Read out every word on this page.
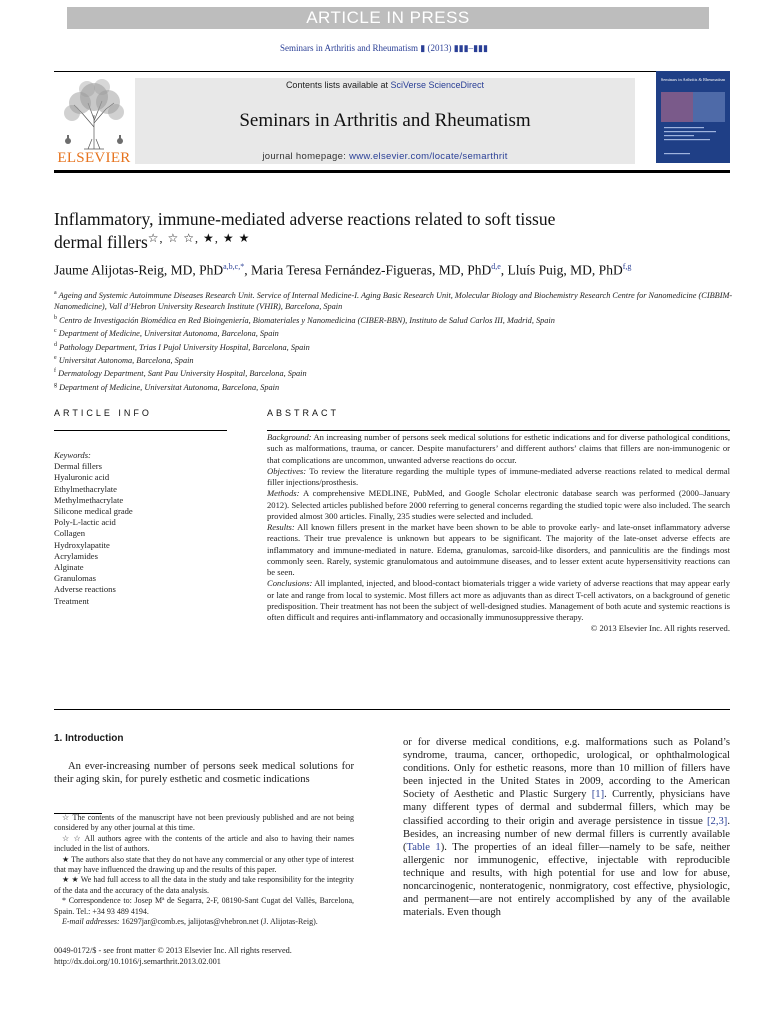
ARTICLE IN PRESS
Seminars in Arthritis and Rheumatism ▮ (2013) ▮▮▮–▮▮▮
ELSEVIER
Contents lists available at SciVerse ScienceDirect
Seminars in Arthritis and Rheumatism
journal homepage: www.elsevier.com/locate/semarthrit
Seminars in Arthritis & Rheumatism
Inflammatory, immune-mediated adverse reactions related to soft tissue
dermal fillers☆, ☆ ☆, ★, ★ ★
Jaume Alijotas-Reig, MD, PhD$^{a,b,c,*}$, Maria Teresa Fernández-Figueras, MD, PhD$^{d,e}$, Lluís Puig, MD, PhD$^{f,g}$
$^a$ Ageing and Systemic Autoimmune Diseases Research Unit. Service of Internal Medicine-I. Aging Basic Research Unit, Molecular Biology and Biochemistry Research Centre for Nanomedicine (CIBBIM-Nanomedicine), Vall d’Hebron University Research Institute (VHIR), Barcelona, Spain
$^b$ Centro de Investigación Biomédica en Red Bioingeniería, Biomateriales y Nanomedicina (CIBER-BBN), Instituto de Salud Carlos III, Madrid, Spain
$^c$ Department of Medicine, Universitat Autonoma, Barcelona, Spain
$^d$ Pathology Department, Trias I Pujol University Hospital, Barcelona, Spain
$^e$ Universitat Autonoma, Barcelona, Spain
$^f$ Dermatology Department, Sant Pau University Hospital, Barcelona, Spain
$^g$ Department of Medicine, Universitat Autonoma, Barcelona, Spain
ARTICLE INFO	ABSTRACT
Keywords:
Dermal fillers
Hyaluronic acid
Ethylmethacrylate
Methylmethacrylate
Silicone medical grade
Poly-L-lactic acid
Collagen
Hydroxylapatite
Acrylamides
Alginate
Granulomas
Adverse reactions
Treatment

Background: An increasing number of persons seek medical solutions for esthetic indications and for diverse pathological conditions, such as malformations, trauma, or cancer. Despite manufacturers’ and different authors’ claims that fillers are non-immunogenic or that complications are uncommon, unwanted adverse reactions do occur.

Objectives: To review the literature regarding the multiple types of immune-mediated adverse reactions related to medical dermal filler injections/prosthesis.

Methods: A comprehensive MEDLINE, PubMed, and Google Scholar electronic database search was performed (2000–January 2012). Selected articles published before 2000 referring to general concerns regarding the studied topic were also included. The search provided almost 300 articles. Finally, 235 studies were selected and included.

Results: All known fillers present in the market have been shown to be able to provoke early- and late-onset inflammatory adverse reactions. Their true prevalence is unknown but appears to be significant. The majority of the late-onset adverse effects are inflammatory and immune-mediated in nature. Edema, granulomas, sarcoid-like disorders, and panniculitis are the findings most commonly seen. Rarely, systemic granulomatous and autoimmune diseases, and to lesser extent acute hypersensitivity reactions can be seen.

Conclusions: All implanted, injected, and blood-contact biomaterials trigger a wide variety of adverse reactions that may appear early or late and range from local to systemic. Most fillers act more as adjuvants than as direct T-cell activators, on a background of genetic predisposition. Their treatment has not been the subject of well-designed studies. Management of both acute and systemic reactions is often difficult and requires anti-inflammatory and occasionally immunosuppressive therapy.

© 2013 Elsevier Inc. All rights reserved.
1. Introduction
An ever-increasing number of persons seek medical solutions for their aging skin, for purely esthetic and cosmetic indications
or for diverse medical conditions, e.g. malformations such as Poland’s syndrome, trauma, cancer, orthopedic, urological, or ophthalmological conditions. Only for esthetic reasons, more than 10 million of fillers have been injected in the United States in 2009, according to the American Society of Aesthetic and Plastic Surgery [1]. Currently, physicians have many different types of dermal and subdermal fillers, which may be classified according to their origin and average persistence in tissue [2,3]. Besides, an increasing number of new dermal fillers is currently available (Table 1). The properties of an ideal filler—namely to be safe, neither allergenic nor immunogenic, effective, injectable with reproducible technique and results, with high potential for use and low for abuse, noncarcinogenic, nonteratogenic, nonmigratory, cost effective, physiologic, and permanent—are not entirely accomplished by any of the available materials. Even though

☆ The contents of the manuscript have not been previously published and are not being considered by any other journal at this time.

☆ ☆ All authors agree with the contents of the article and also to having their names included in the list of authors.

★ The authors also state that they do not have any commercial or any other type of interest that may have influenced the drawing up and the results of this paper.

★ ★ We had full access to all the data in the study and take responsibility for the integrity of the data and the accuracy of the data analysis.

* Correspondence to: Josep Mª de Segarra, 2-F, 08190-Sant Cugat del Vallès, Barcelona, Spain. Tel.: +34 93 489 4194.

E-mail addresses: 16297jar@comb.es, jalijotas@vhebron.net (J. Alijotas-Reig).

0049-0172/$ - see front matter © 2013 Elsevier Inc. All rights reserved.
http://dx.doi.org/10.1016/j.semarthrit.2013.02.001
